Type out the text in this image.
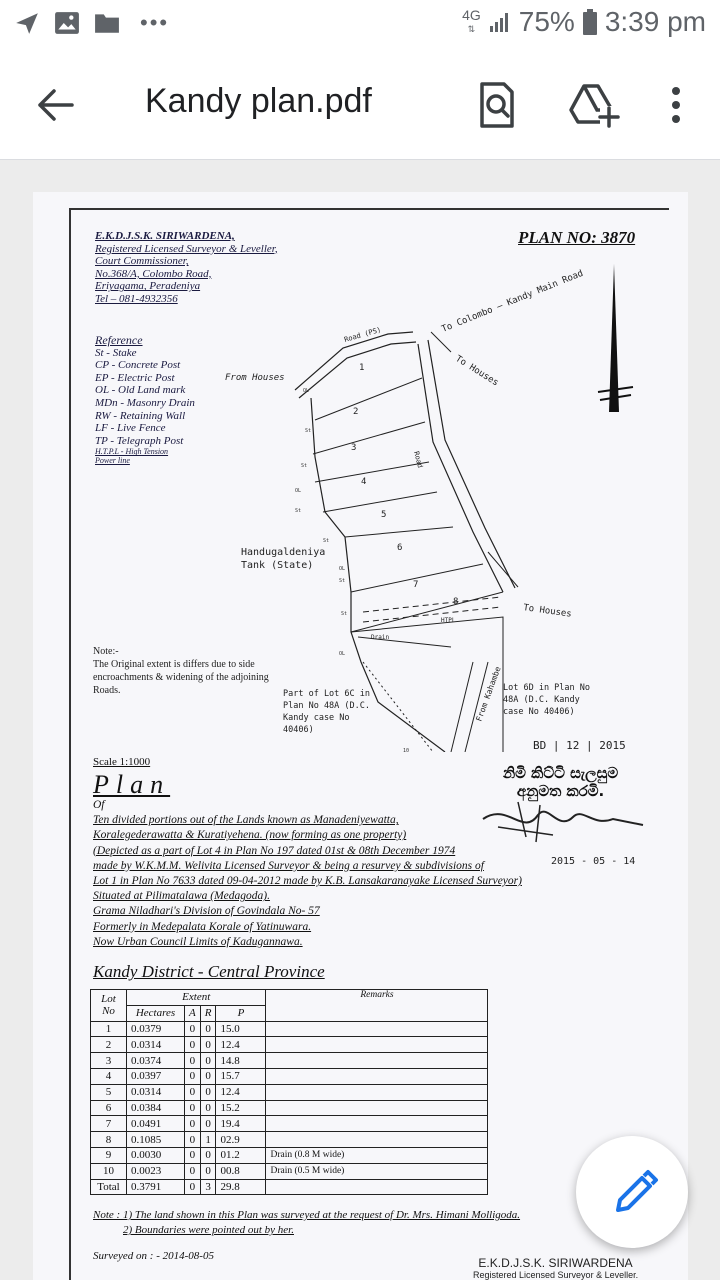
•••	4G
⇅ 75% 3:39 pm
Kandy plan.pdf
E.K.D.J.S.K. SIRIWARDENA,
Registered Licensed Surveyor & Leveller,
Court Commissioner,
No.368/A, Colombo Road,
Eriyagama, Peradeniya
Tel – 081-4932356
PLAN NO: 3870
Reference
St - Stake
CP - Concrete Post
EP - Electric Post
OL - Old Land mark
MDn - Masonry Drain
RW - Retaining Wall
LF - Live Fence
TP - Telegraph Post
H.T.P.L - High Tension Power line
OL
St
St
OL
St
St
OL
St
St
OL
10
To Colombo – Kandy Main Road
To Houses
From Houses
Road (PS)
Road
To Houses
HTPL
Drain
From Kahambe
1
2
3
4
5
6
7
8
Handugaldeniya Tank (State)
Part of Lot 6C in Plan No 48A (D.C. Kandy case No 40406)
Lot 6D in Plan No 48A (D.C. Kandy case No 40406)
Note:-
The Original extent is differs due to side encroachments & widening of the adjoining Roads.
BD | 12 | 2015
නිමි කිට්ටි සැලසුම
අනුමත කරමි.
2015 - 05 - 14
Scale 1:1000
Plan
Of
Ten divided portions out of the Lands known as Manadeniyewatta,
Koralegederawatta & Kuratiyehena. (now forming as one property)
(Depicted as a part of Lot 4 in Plan No 197 dated 01st & 08th December 1974
made by W.K.M.M. Welivita Licensed Surveyor & being a resurvey & subdivisions of
Lot 1 in Plan No 7633 dated 09-04-2012 made by K.B. Lansakaranayake Licensed Surveyor)
Situated at Pilimatalawa (Medagoda).
Grama Niladhari's Division of Govindala No- 57
Formerly in Medepalata Korale of Yatinuwara.
Now Urban Council Limits of Kadugannawa.
Kandy District - Central Province
Lot No	Extent				Remarks
	Hectares	A	R	P	
1	0.0379	0	0	15.0	
2	0.0314	0	0	12.4	
3	0.0374	0	0	14.8	
4	0.0397	0	0	15.7	
5	0.0314	0	0	12.4	
6	0.0384	0	0	15.2	
7	0.0491	0	0	19.4	
8	0.1085	0	1	02.9	
9	0.0030	0	0	01.2	Drain (0.8 M wide)
10	0.0023	0	0	00.8	Drain (0.5 M wide)
Total	0.3791	0	3	29.8	
Note : 1) The land shown in this Plan was surveyed at the request of Dr. Mrs. Himani Molligoda.
2) Boundaries were pointed out by her.
Surveyed on : - 2014-08-05	E.K.D.J.S.K. SIRIWARDENA
Registered Licensed Surveyor & Leveller.
